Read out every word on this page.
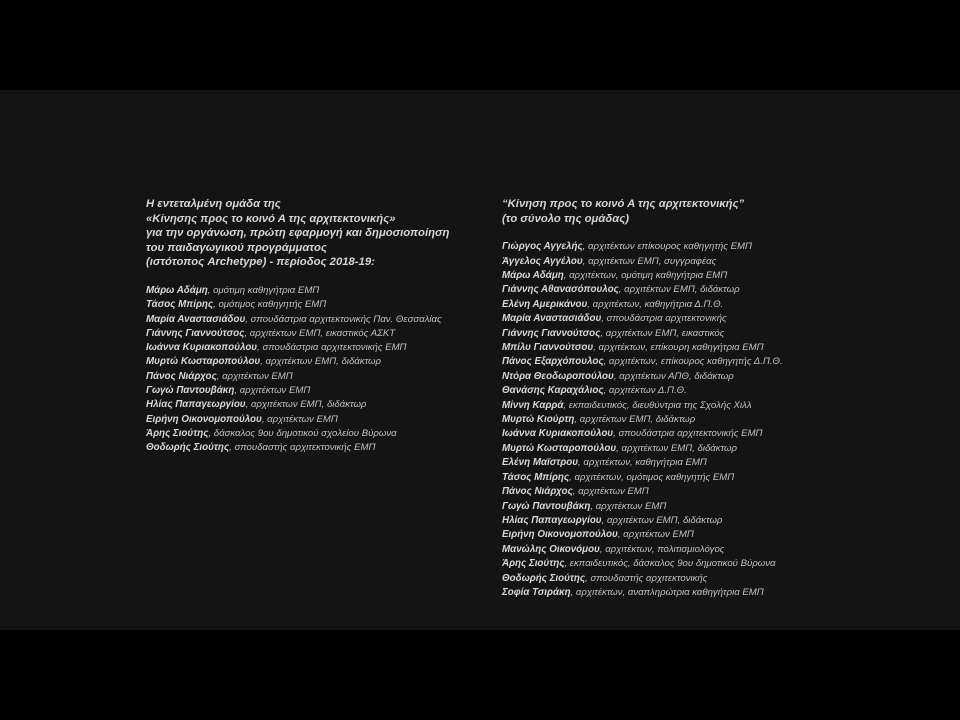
Η εντεταλμένη ομάδα της
«Κίνησης προς το κοινό Α της αρχιτεκτονικής»
για την οργάνωση, πρώτη εφαρμογή και δημοσιοποίηση
του παιδαγωγικού προγράμματος
(ιστότοπος Archetype) - περίοδος 2018-19:
Μάρω Αδάμη, ομότιμη καθηγήτρια ΕΜΠ
Τάσος Μπίρης, ομότιμος καθηγητής ΕΜΠ
Μαρία Αναστασιάδου, σπουδάστρια αρχιτεκτονικής Παν. Θεσσαλίας
Γιάννης Γιαννούτσος, αρχιτέκτων ΕΜΠ, εικαστικός ΑΣΚΤ
Ιωάννα Κυριακοπούλου, σπουδάστρια αρχιτεκτονικής ΕΜΠ
Μυρτώ Κωσταροπούλου, αρχιτέκτων ΕΜΠ, διδάκτωρ
Πάνος Νιάρχος, αρχιτέκτων ΕΜΠ
Γωγώ Παντουβάκη, αρχιτέκτων ΕΜΠ
Ηλίας Παπαγεωργίου, αρχιτέκτων ΕΜΠ, διδάκτωρ
Ειρήνη Οικονομοπούλου, αρχιτέκτων ΕΜΠ
Άρης Σιούτης, δάσκαλος 9ου δημοτικού σχολείου Βύρωνα
Θοδωρής Σιούτης, σπουδαστής αρχιτεκτονικής ΕΜΠ
“Κίνηση προς το κοινό Α της αρχιτεκτονικής”
(το σύνολο της ομάδας)
Γιώργος Αγγελής, αρχιτέκτων επίκουρος καθηγητής ΕΜΠ
Άγγελος Αγγέλου, αρχιτέκτων ΕΜΠ, συγγραφέας
Μάρω Αδάμη, αρχιτέκτων, ομότιμη καθηγήτρια ΕΜΠ
Γιάννης Αθανασόπουλος, αρχιτέκτων ΕΜΠ, διδάκτωρ
Ελένη Αμερικάνου, αρχιτέκτων, καθηγήτρια Δ.Π.Θ.
Μαρία Αναστασιάδου, σπουδάστρια αρχιτεκτονικής
Γιάννης Γιαννούτσος, αρχιτέκτων ΕΜΠ, εικαστικός
Μπίλυ Γιαννούτσου, αρχιτέκτων, επίκουρη καθηγήτρια ΕΜΠ
Πάνος Εξαρχόπουλος, αρχιτέκτων, επίκουρος καθηγητής Δ.Π.Θ.
Ντόρα Θεοδωροπούλου, αρχιτέκτων ΑΠΘ, διδάκτωρ
Θανάσης Καραχάλιος, αρχιτέκτων Δ.Π.Θ.
Μίννη Καρρά, εκπαιδευτικός, διευθύντρια της Σχολής Χιλλ
Μυρτώ Κιούρτη, αρχιτέκτων ΕΜΠ, διδάκτωρ
Ιωάννα Κυριακοπούλου, σπουδάστρια αρχιτεκτονικής ΕΜΠ
Μυρτώ Κωσταροπούλου, αρχιτέκτων ΕΜΠ, διδάκτωρ
Ελένη Μαϊστρου, αρχιτέκτων, καθηγήτρια ΕΜΠ
Τάσος Μπίρης, αρχιτέκτων, ομότιμος καθηγητής ΕΜΠ
Πάνος Νιάρχος, αρχιτέκτων ΕΜΠ
Γωγώ Παντουβάκη, αρχιτέκτων ΕΜΠ
Ηλίας Παπαγεωργίου, αρχιτέκτων ΕΜΠ, διδάκτωρ
Ειρήνη Οικονομοπούλου, αρχιτέκτων ΕΜΠ
Μανώλης Οικονόμου, αρχιτέκτων, πολιτισμιολόγος
Άρης Σιούτης, εκπαιδευτικός, δάσκαλος 9ου δημοτικού Βύρωνα
Θοδωρής Σιούτης, σπουδαστής αρχιτεκτονικής
Σοφία Τσιράκη, αρχιτέκτων, αναπληρώτρια καθηγήτρια ΕΜΠ
